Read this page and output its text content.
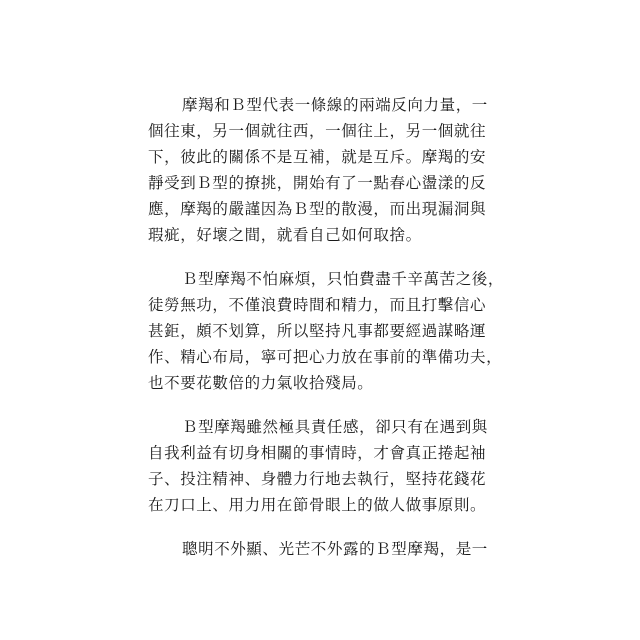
摩羯和Ｂ型代表一條線的兩端反向力量，一
個往東，另一個就往西，一個往上，另一個就往
下，彼此的關係不是互補，就是互斥。摩羯的安
靜受到Ｂ型的撩挑，開始有了一點春心盪漾的反
應，摩羯的嚴謹因為Ｂ型的散漫，而出現漏洞與
瑕疵，好壞之間，就看自己如何取捨。
Ｂ型摩羯不怕麻煩，只怕費盡千辛萬苦之後，
徒勞無功，不僅浪費時間和精力，而且打擊信心
甚鉅，頗不划算，所以堅持凡事都要經過謀略運
作、精心布局，寧可把心力放在事前的準備功夫，
也不要花數倍的力氣收拾殘局。
Ｂ型摩羯雖然極具責任感，卻只有在遇到與
自我利益有切身相關的事情時，才會真正捲起袖
子、投注精神、身體力行地去執行，堅持花錢花
在刀口上、用力用在節骨眼上的做人做事原則。
聰明不外顯、光芒不外露的Ｂ型摩羯，是一
